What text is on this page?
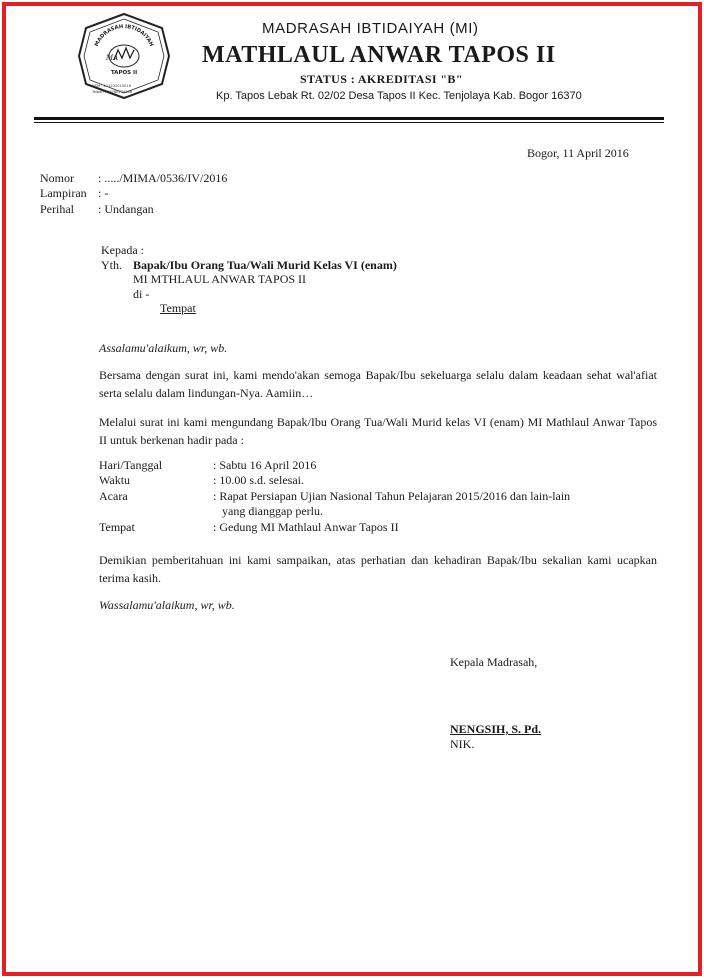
MADRASAH IBTIDAIYAH
MA
TAPOS II
NSM : 111232010018
Telpon : 08788774006
MADRASAH IBTIDAIYAH (MI)
MATHLAUL ANWAR TAPOS II
STATUS : AKREDITASI "B"
Kp. Tapos Lebak Rt. 02/02 Desa Tapos II Kec. Tenjolaya Kab. Bogor 16370
Bogor, 11 April 2016
Nomor : ...../MIMA/0536/IV/2016
Lampiran : -
Perihal : Undangan
Kepada :
Yth. Bapak/Ibu Orang Tua/Wali Murid Kelas VI (enam)
MI MTHLAUL ANWAR TAPOS II
di -
Tempat
Assalamu'alaikum, wr, wb.
Bersama dengan surat ini, kami mendo'akan semoga Bapak/Ibu sekeluarga selalu dalam keadaan sehat wal'afiat serta selalu dalam lindungan-Nya. Aamiin…
Melalui surat ini kami mengundang Bapak/Ibu Orang Tua/Wali Murid kelas VI (enam) MI Mathlaul Anwar Tapos II untuk berkenan hadir pada :
Hari/Tanggal	: Sabtu 16 April 2016
Waktu	: 10.00 s.d. selesai.
Acara	: Rapat Persiapan Ujian Nasional Tahun Pelajaran 2015/2016 dan lain-lain
yang dianggap perlu.
Tempat	: Gedung MI Mathlaul Anwar Tapos II
Demikian pemberitahuan ini kami sampaikan, atas perhatian dan kehadiran Bapak/Ibu sekalian kami ucapkan terima kasih.
Wassalamu'alaikum, wr, wb.
Kepala Madrasah,
NENGSIH, S. Pd.
NIK.
